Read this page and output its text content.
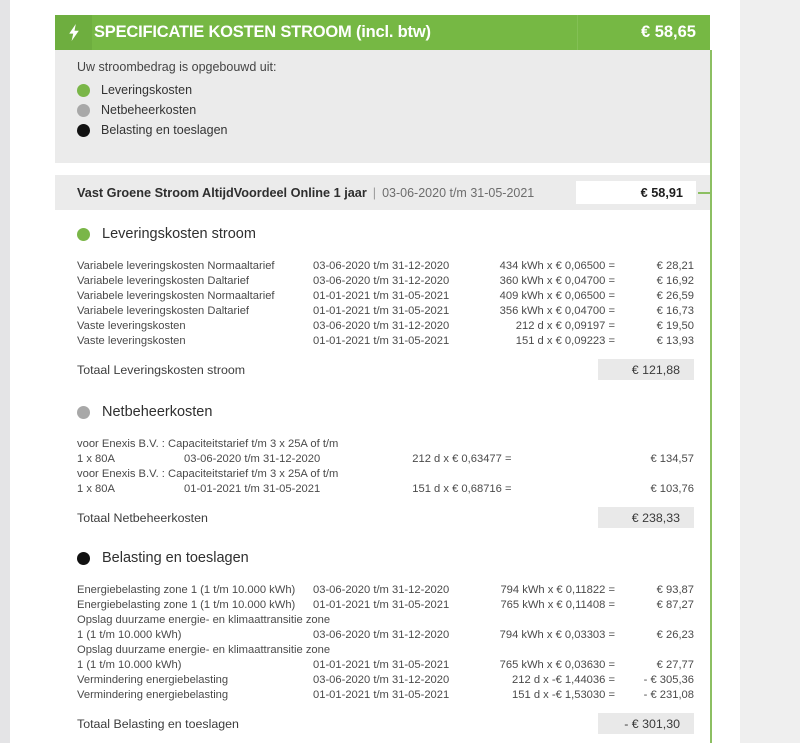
SPECIFICATIE KOSTEN STROOM (incl. btw)	€ 58,65
Uw stroombedrag is opgebouwd uit:
Leveringskosten
Netbeheerkosten
Belasting en toeslagen
Vast Groene Stroom AltijdVoordeel Online 1 jaar | 03-06-2020 t/m 31-05-2021	€ 58,91
Leveringskosten stroom
Variabele leveringskosten Normaaltarief	03-06-2020 t/m 31-12-2020	434 kWh x € 0,06500 =	€ 28,21
Variabele leveringskosten Daltarief	03-06-2020 t/m 31-12-2020	360 kWh x € 0,04700 =	€ 16,92
Variabele leveringskosten Normaaltarief	01-01-2021 t/m 31-05-2021	409 kWh x € 0,06500 =	€ 26,59
Variabele leveringskosten Daltarief	01-01-2021 t/m 31-05-2021	356 kWh x € 0,04700 =	€ 16,73
Vaste leveringskosten	03-06-2020 t/m 31-12-2020	212 d x € 0,09197 =	€ 19,50
Vaste leveringskosten	01-01-2021 t/m 31-05-2021	151 d x € 0,09223 =	€ 13,93
Totaal Leveringskosten stroom	€ 121,88
Netbeheerkosten
voor Enexis B.V. : Capaciteitstarief t/m 3 x 25A of t/m			
1 x 80A	03-06-2020 t/m 31-12-2020	212 d x € 0,63477 =	€ 134,57
voor Enexis B.V. : Capaciteitstarief t/m 3 x 25A of t/m			
1 x 80A	01-01-2021 t/m 31-05-2021	151 d x € 0,68716 =	€ 103,76
Totaal Netbeheerkosten	€ 238,33
Belasting en toeslagen
Energiebelasting zone 1 (1 t/m 10.000 kWh)	03-06-2020 t/m 31-12-2020	794 kWh x € 0,11822 =	€ 93,87
Energiebelasting zone 1 (1 t/m 10.000 kWh)	01-01-2021 t/m 31-05-2021	765 kWh x € 0,11408 =	€ 87,27
Opslag duurzame energie- en klimaattransitie zone			
1 (1 t/m 10.000 kWh)	03-06-2020 t/m 31-12-2020	794 kWh x € 0,03303 =	€ 26,23
Opslag duurzame energie- en klimaattransitie zone			
1 (1 t/m 10.000 kWh)	01-01-2021 t/m 31-05-2021	765 kWh x € 0,03630 =	€ 27,77
Vermindering energiebelasting	03-06-2020 t/m 31-12-2020	212 d x -€ 1,44036 =	- € 305,36
Vermindering energiebelasting	01-01-2021 t/m 31-05-2021	151 d x -€ 1,53030 =	- € 231,08
Totaal Belasting en toeslagen	- € 301,30
